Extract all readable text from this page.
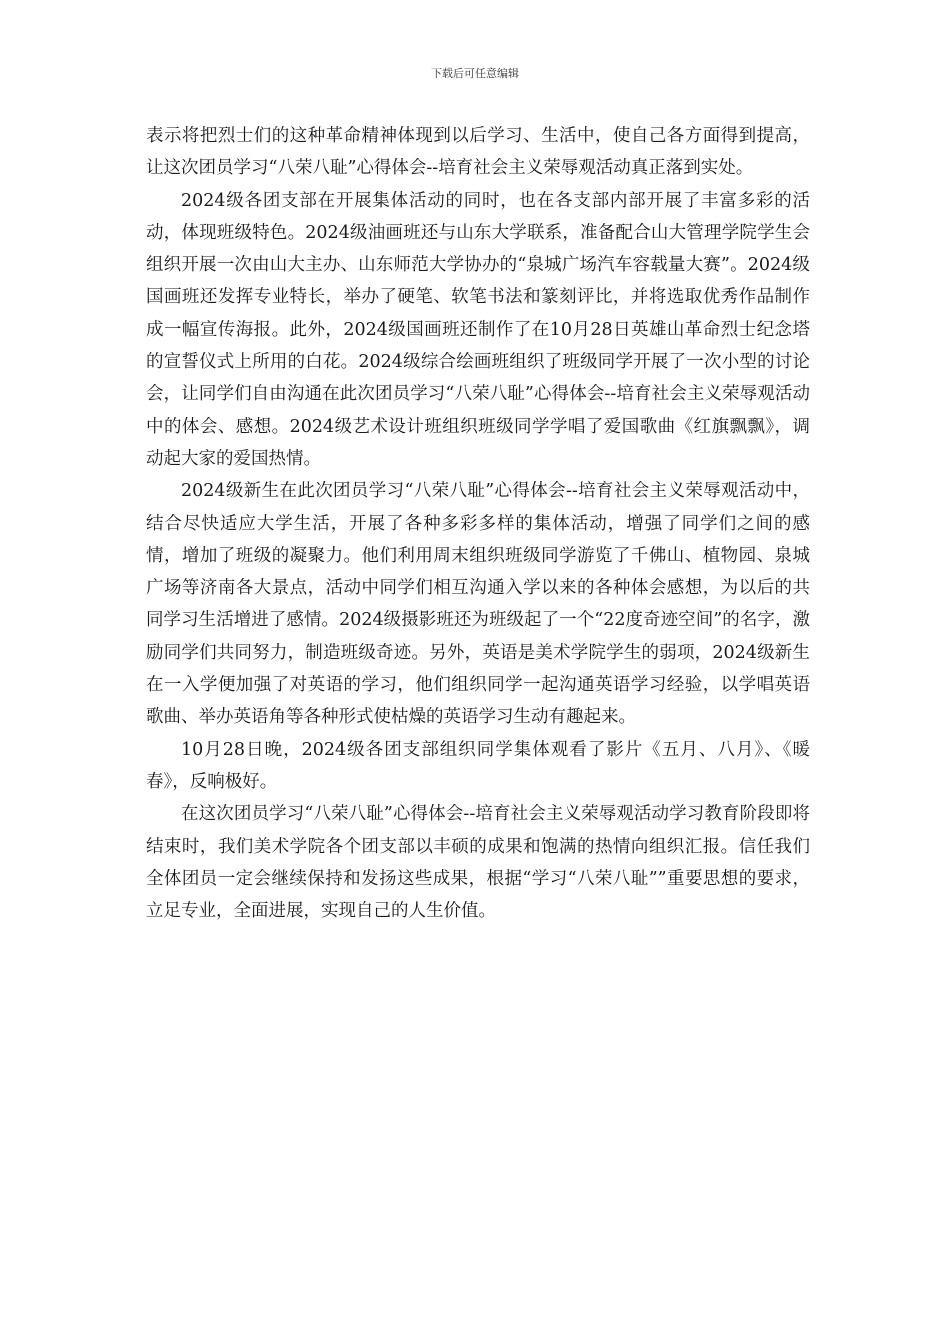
下载后可任意编辑

表示将把烈士们的这种革命精神体现到以后学习、生活中，使自己各方面得到提高，让这次团员学习“八荣八耻”心得体会--培育社会主义荣辱观活动真正落到实处。

2024级各团支部在开展集体活动的同时，也在各支部内部开展了丰富多彩的活动，体现班级特色。2024级油画班还与山东大学联系，准备配合山大管理学院学生会组织开展一次由山大主办、山东师范大学协办的“泉城广场汽车容载量大赛”。2024级国画班还发挥专业特长，举办了硬笔、软笔书法和篆刻评比，并将选取优秀作品制作成一幅宣传海报。此外，2024级国画班还制作了在10月28日英雄山革命烈士纪念塔的宣誓仪式上所用的白花。2024级综合绘画班组织了班级同学开展了一次小型的讨论会，让同学们自由沟通在此次团员学习“八荣八耻”心得体会--培育社会主义荣辱观活动中的体会、感想。2024级艺术设计班组织班级同学学唱了爱国歌曲《红旗飘飘》，调动起大家的爱国热情。

2024级新生在此次团员学习“八荣八耻”心得体会--培育社会主义荣辱观活动中，结合尽快适应大学生活，开展了各种多彩多样的集体活动，增强了同学们之间的感情，增加了班级的凝聚力。他们利用周末组织班级同学游览了千佛山、植物园、泉城广场等济南各大景点，活动中同学们相互沟通入学以来的各种体会感想，为以后的共同学习生活增进了感情。2024级摄影班还为班级起了一个“22度奇迹空间”的名字，激励同学们共同努力，制造班级奇迹。另外，英语是美术学院学生的弱项，2024级新生在一入学便加强了对英语的学习，他们组织同学一起沟通英语学习经验，以学唱英语歌曲、举办英语角等各种形式使枯燥的英语学习生动有趣起来。

10月28日晚，2024级各团支部组织同学集体观看了影片《五月、八月》、《暖春》，反响极好。

在这次团员学习“八荣八耻”心得体会--培育社会主义荣辱观活动学习教育阶段即将结束时，我们美术学院各个团支部以丰硕的成果和饱满的热情向组织汇报。信任我们全体团员一定会继续保持和发扬这些成果，根据“学习“八荣八耻””重要思想的要求，立足专业，全面进展，实现自己的人生价值。
